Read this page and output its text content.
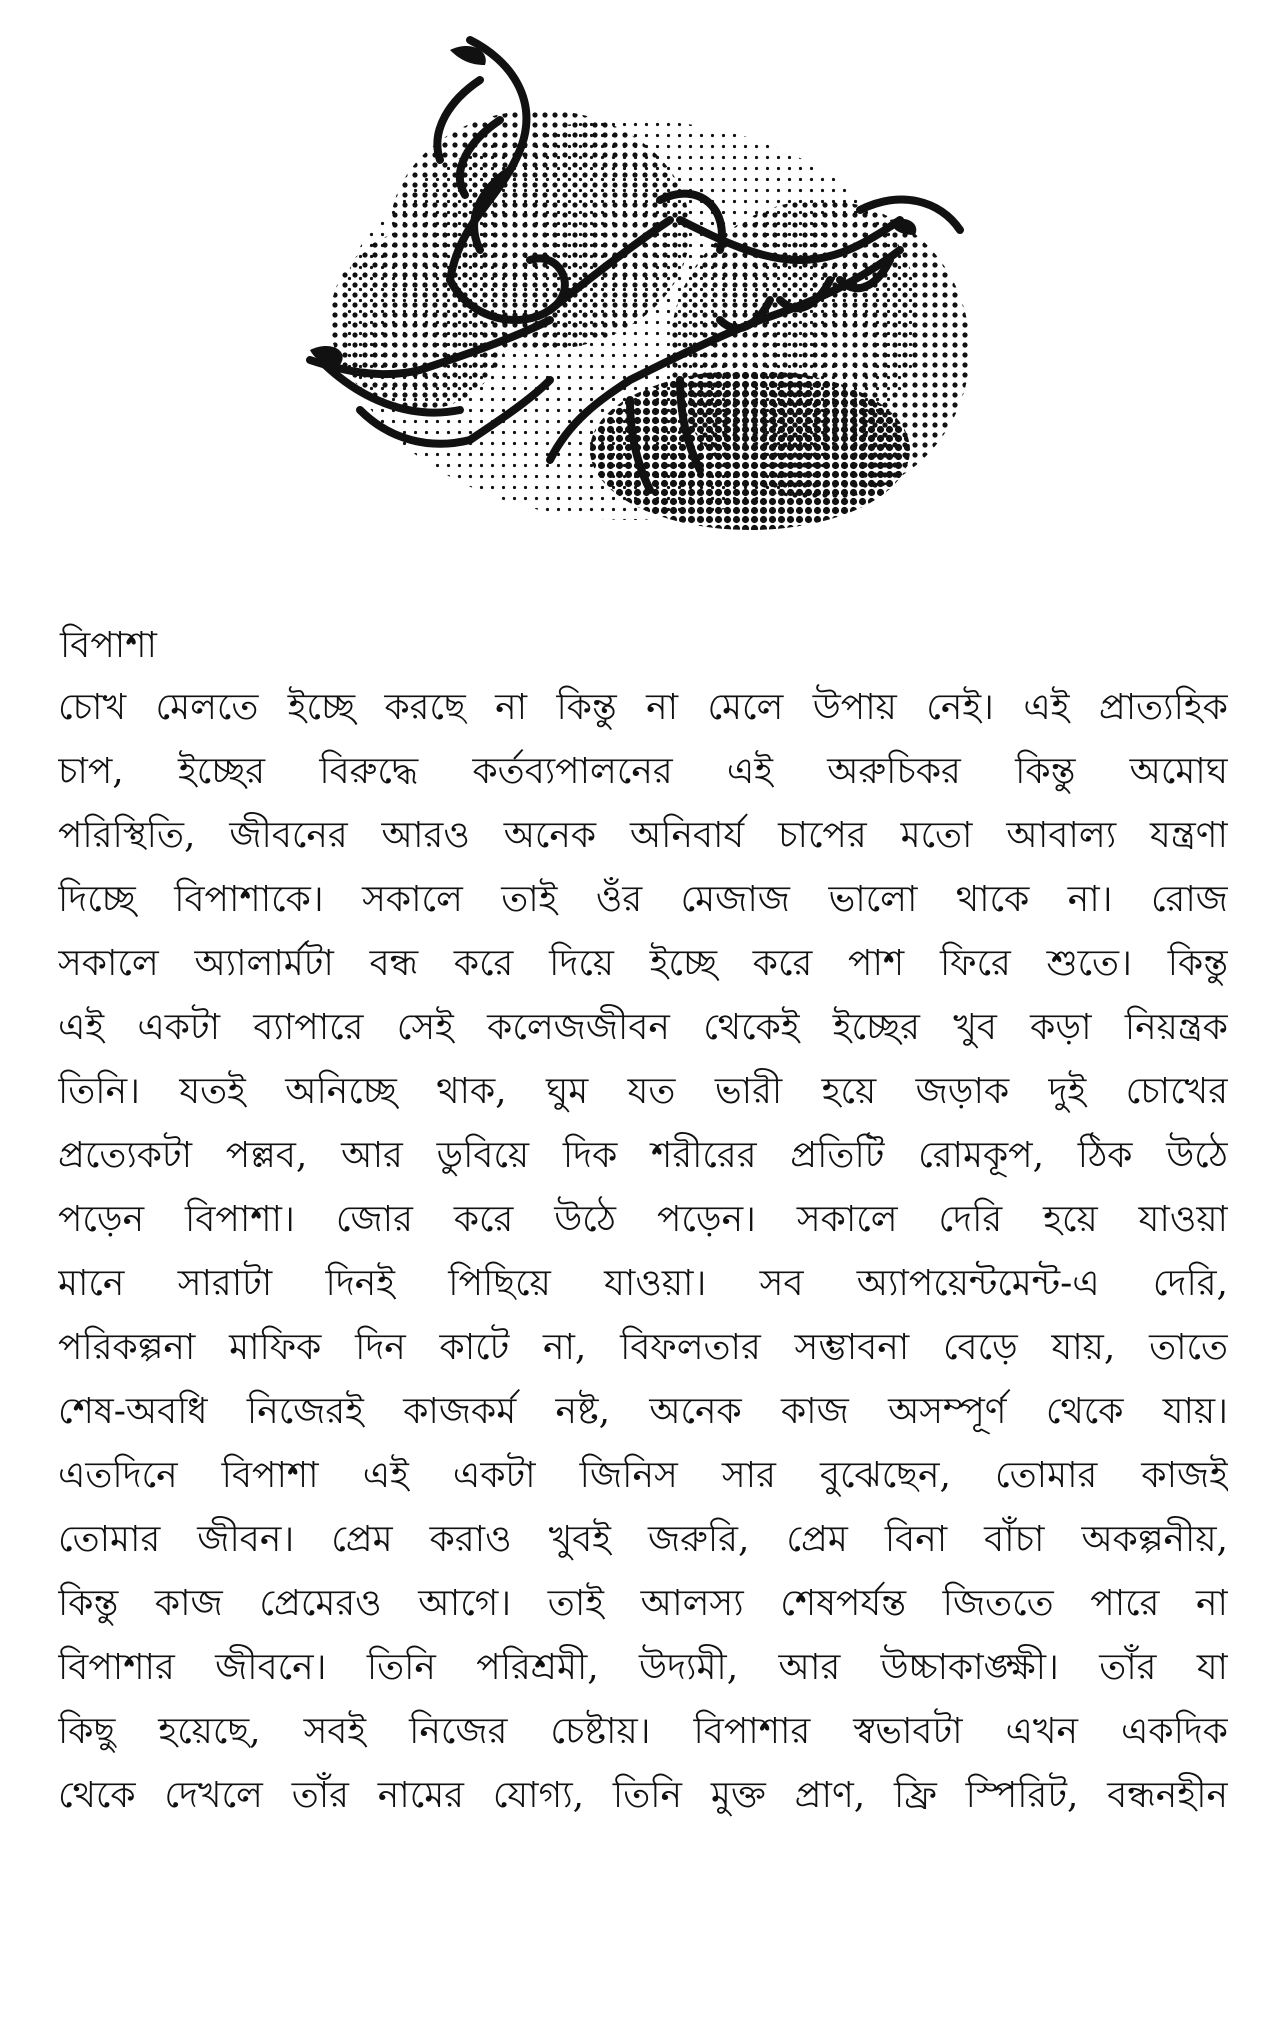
বিপাশা
চোখ মেলতে ইচ্ছে করছে না কিন্তু না মেলে উপায় নেই। এই প্রাত্যহিক
চাপ, ইচ্ছের বিরুদ্ধে কর্তব্যপালনের এই অরুচিকর কিন্তু অমোঘ
পরিস্থিতি, জীবনের আরও অনেক অনিবার্য চাপের মতো আবাল্য যন্ত্রণা
দিচ্ছে বিপাশাকে। সকালে তাই ওঁর মেজাজ ভালো থাকে না। রোজ
সকালে অ্যালার্মটা বন্ধ করে দিয়ে ইচ্ছে করে পাশ ফিরে শুতে। কিন্তু
এই একটা ব্যাপারে সেই কলেজজীবন থেকেই ইচ্ছের খুব কড়া নিয়ন্ত্রক
তিনি। যতই অনিচ্ছে থাক, ঘুম যত ভারী হয়ে জড়াক দুই চোখের
প্রত্যেকটা পল্লব, আর ডুবিয়ে দিক শরীরের প্রতিটি রোমকূপ, ঠিক উঠে
পড়েন বিপাশা। জোর করে উঠে পড়েন। সকালে দেরি হয়ে যাওয়া
মানে সারাটা দিনই পিছিয়ে যাওয়া। সব অ্যাপয়েন্টমেন্ট-এ দেরি,
পরিকল্পনা মাফিক দিন কাটে না, বিফলতার সম্ভাবনা বেড়ে যায়, তাতে
শেষ-অবধি নিজেরই কাজকর্ম নষ্ট, অনেক কাজ অসম্পূর্ণ থেকে যায়।
এতদিনে বিপাশা এই একটা জিনিস সার বুঝেছেন, তোমার কাজই
তোমার জীবন। প্রেম করাও খুবই জরুরি, প্রেম বিনা বাঁচা অকল্পনীয়,
কিন্তু কাজ প্রেমেরও আগে। তাই আলস্য শেষপর্যন্ত জিততে পারে না
বিপাশার জীবনে। তিনি পরিশ্রমী, উদ্যমী, আর উচ্চাকাঙ্ক্ষী। তাঁর যা
কিছু হয়েছে, সবই নিজের চেষ্টায়। বিপাশার স্বভাবটা এখন একদিক
থেকে দেখলে তাঁর নামের যোগ্য, তিনি মুক্ত প্রাণ, ফ্রি স্পিরিট, বন্ধনহীন
